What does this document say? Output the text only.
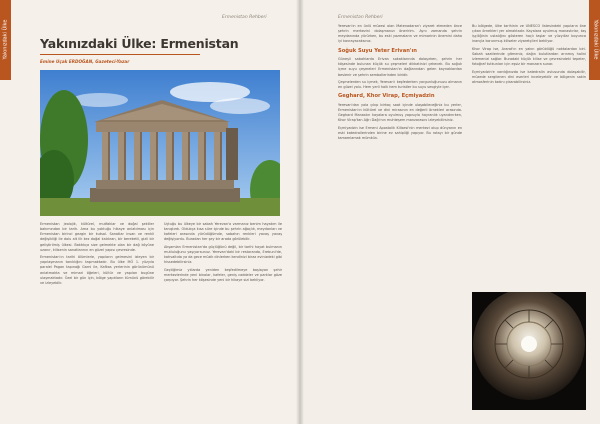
Yakınızdaki Ülke
Ermenistan Rehberi
Yakınızdaki Ülke: Ermenistan
Emine Uçak ERDOĞAN, Gazeteci-Yazar

Ermenistan jeolojik, kültürel, mutfaklar ve doğal şekiller bakımından bir tarih. Ama bu yoktuğu hikaye anlatılması için Ermenistan birinci gezgin bir kutsal. Sanatlar insan ve renkli değişikliği ile dolu alt ilk kez doğal kaldıran, bir bereketli, gizli bir geliştirilmiş ülkesi. Baktıkça size gelmekte olan bir dağ köyüne uzanır, kilisenin sanatlarının en güzel yapısı çevresinde.

Ermenistan'ın tarihi ölümlerle, yapıların gelmesini izleyen bir yapılaşmanın tanıklığını taşımaktadır. Bu ülke MÖ 1. yüzyıla paralel Pagan tapınağı Garni ile, Kafkas yerlerinin görünümünü anlatmakta ve mimari öğeleri, kültür ve yapıları bugüne ulaşmaktadır. Özel bir gün için, bölge yapıtların tümünü görebilir ve izleyebilir.

Uçtuğu bu ülkeye bir sabah Yerevan'a varmanız benim hayatım ile tanıştırdı. Oldukça kısa süre içinde bu şehrin ağaçlık, meydanları ve kafeleri arasında yürüdüğümde, sabahın renkleri yavaş yavaş değişiyordu. Buradan her şey bir arada görülebilir.

Akşamları Ermenistan'da güçlüğünü değil, bir tarihi hayat bulmanın mutluluğunu yaşıyorsunuz. Yerevan'daki bir restoranda, Erebuni'de, kahvaltıda ya da gece müzik dinlerken kendinizi biraz evinizdeki gibi hissedebilirsiniz.

Geçtiğimiz yıllarda yeniden keşfedilmeye başlayan şehir merkezlerinde yeni binalar, kafeler, geniş caddeler ve parklar göze çarpıyor. Şehrin her köşesinde yeni bir hikaye sizi bekliyor.

Yakınızdaki Ülke
Ermenistan Rehberi

Yerevan'ın en ünlü müzesi olan Matenadaran'ı ziyaret etmeden önce şehrin merkezini dolaşmanızı öneririm. Aynı zamanda şehrin meydanında yürürken, bu eski yazmaların ve mimarinin önemini daha iyi kavrayacaksınız.

Soğuk Suyu Yeter Erivan'ın

Güneşli sabahlarda Erivan sokaklarında dolaşırken, şehrin her köşesinde bulunan küçük su çeşmeleri dikkatinizi çekecek. Bu soğuk içme suyu çeşmeleri Ermenistan'ın dağlarından gelen kaynaklardan beslenir ve şehrin sembollerinden biridir.

Çeşmelerden su içmek, Yerevan'ı keşfederken yorgunluğunuzu almanın en güzel yolu. Hem yerli halk hem turistler bu suyu sevgiyle içer.

Geghard, Khor Virap, Eçmiyadzin

Yerevan'dan yola çıkıp birkaç saat içinde ulaşabileceğiniz bu yerler, Ermenistan'ın kültürel ve dini mirasının en değerli örnekleri arasında. Geghard Manastırı kayalara oyulmuş yapısıyla hayranlık uyandırırken, Khor Virap'tan Ağrı Dağı'nın muhteşem manzarasını izleyebilirsiniz.

Eçmiyadzin ise Ermeni Apostolik Kilisesi'nin merkezi olup dünyanın en eski katedrallerinden birine ev sahipliği yapıyor. Bu rotayı bir günde tamamlamak mümkün.

Bu bölgede, ülke tarihinin ve UNESCO listesindeki yapıların öne çıkan örnekleri yer almaktadır. Kayalara oyulmuş manastırlar, taş işçiliğinin ustalığını gösteren haçlı taşlar ve yüzyıllar boyunca inançla korunmuş kiliseler ziyaretçileri bekliyor.

Khor Virap ise, Ararat'ın en yakın görüldüğü noktalardan biri. Sabah saatlerinde gitmeniz, dağın bulutlardan arınmış halini izlemenizi sağlar. Buradaki küçük kilise ve çevresindeki tepeler, fotoğraf tutkunları için eşsiz bir manzara sunar.

Eçmiyadzin'e vardığınızda ise katedralin avlusunda dolaşabilir, müzede sergilenen dini eserleri inceleyebilir ve bölgenin sakin atmosferinin tadını çıkarabilirsiniz.
